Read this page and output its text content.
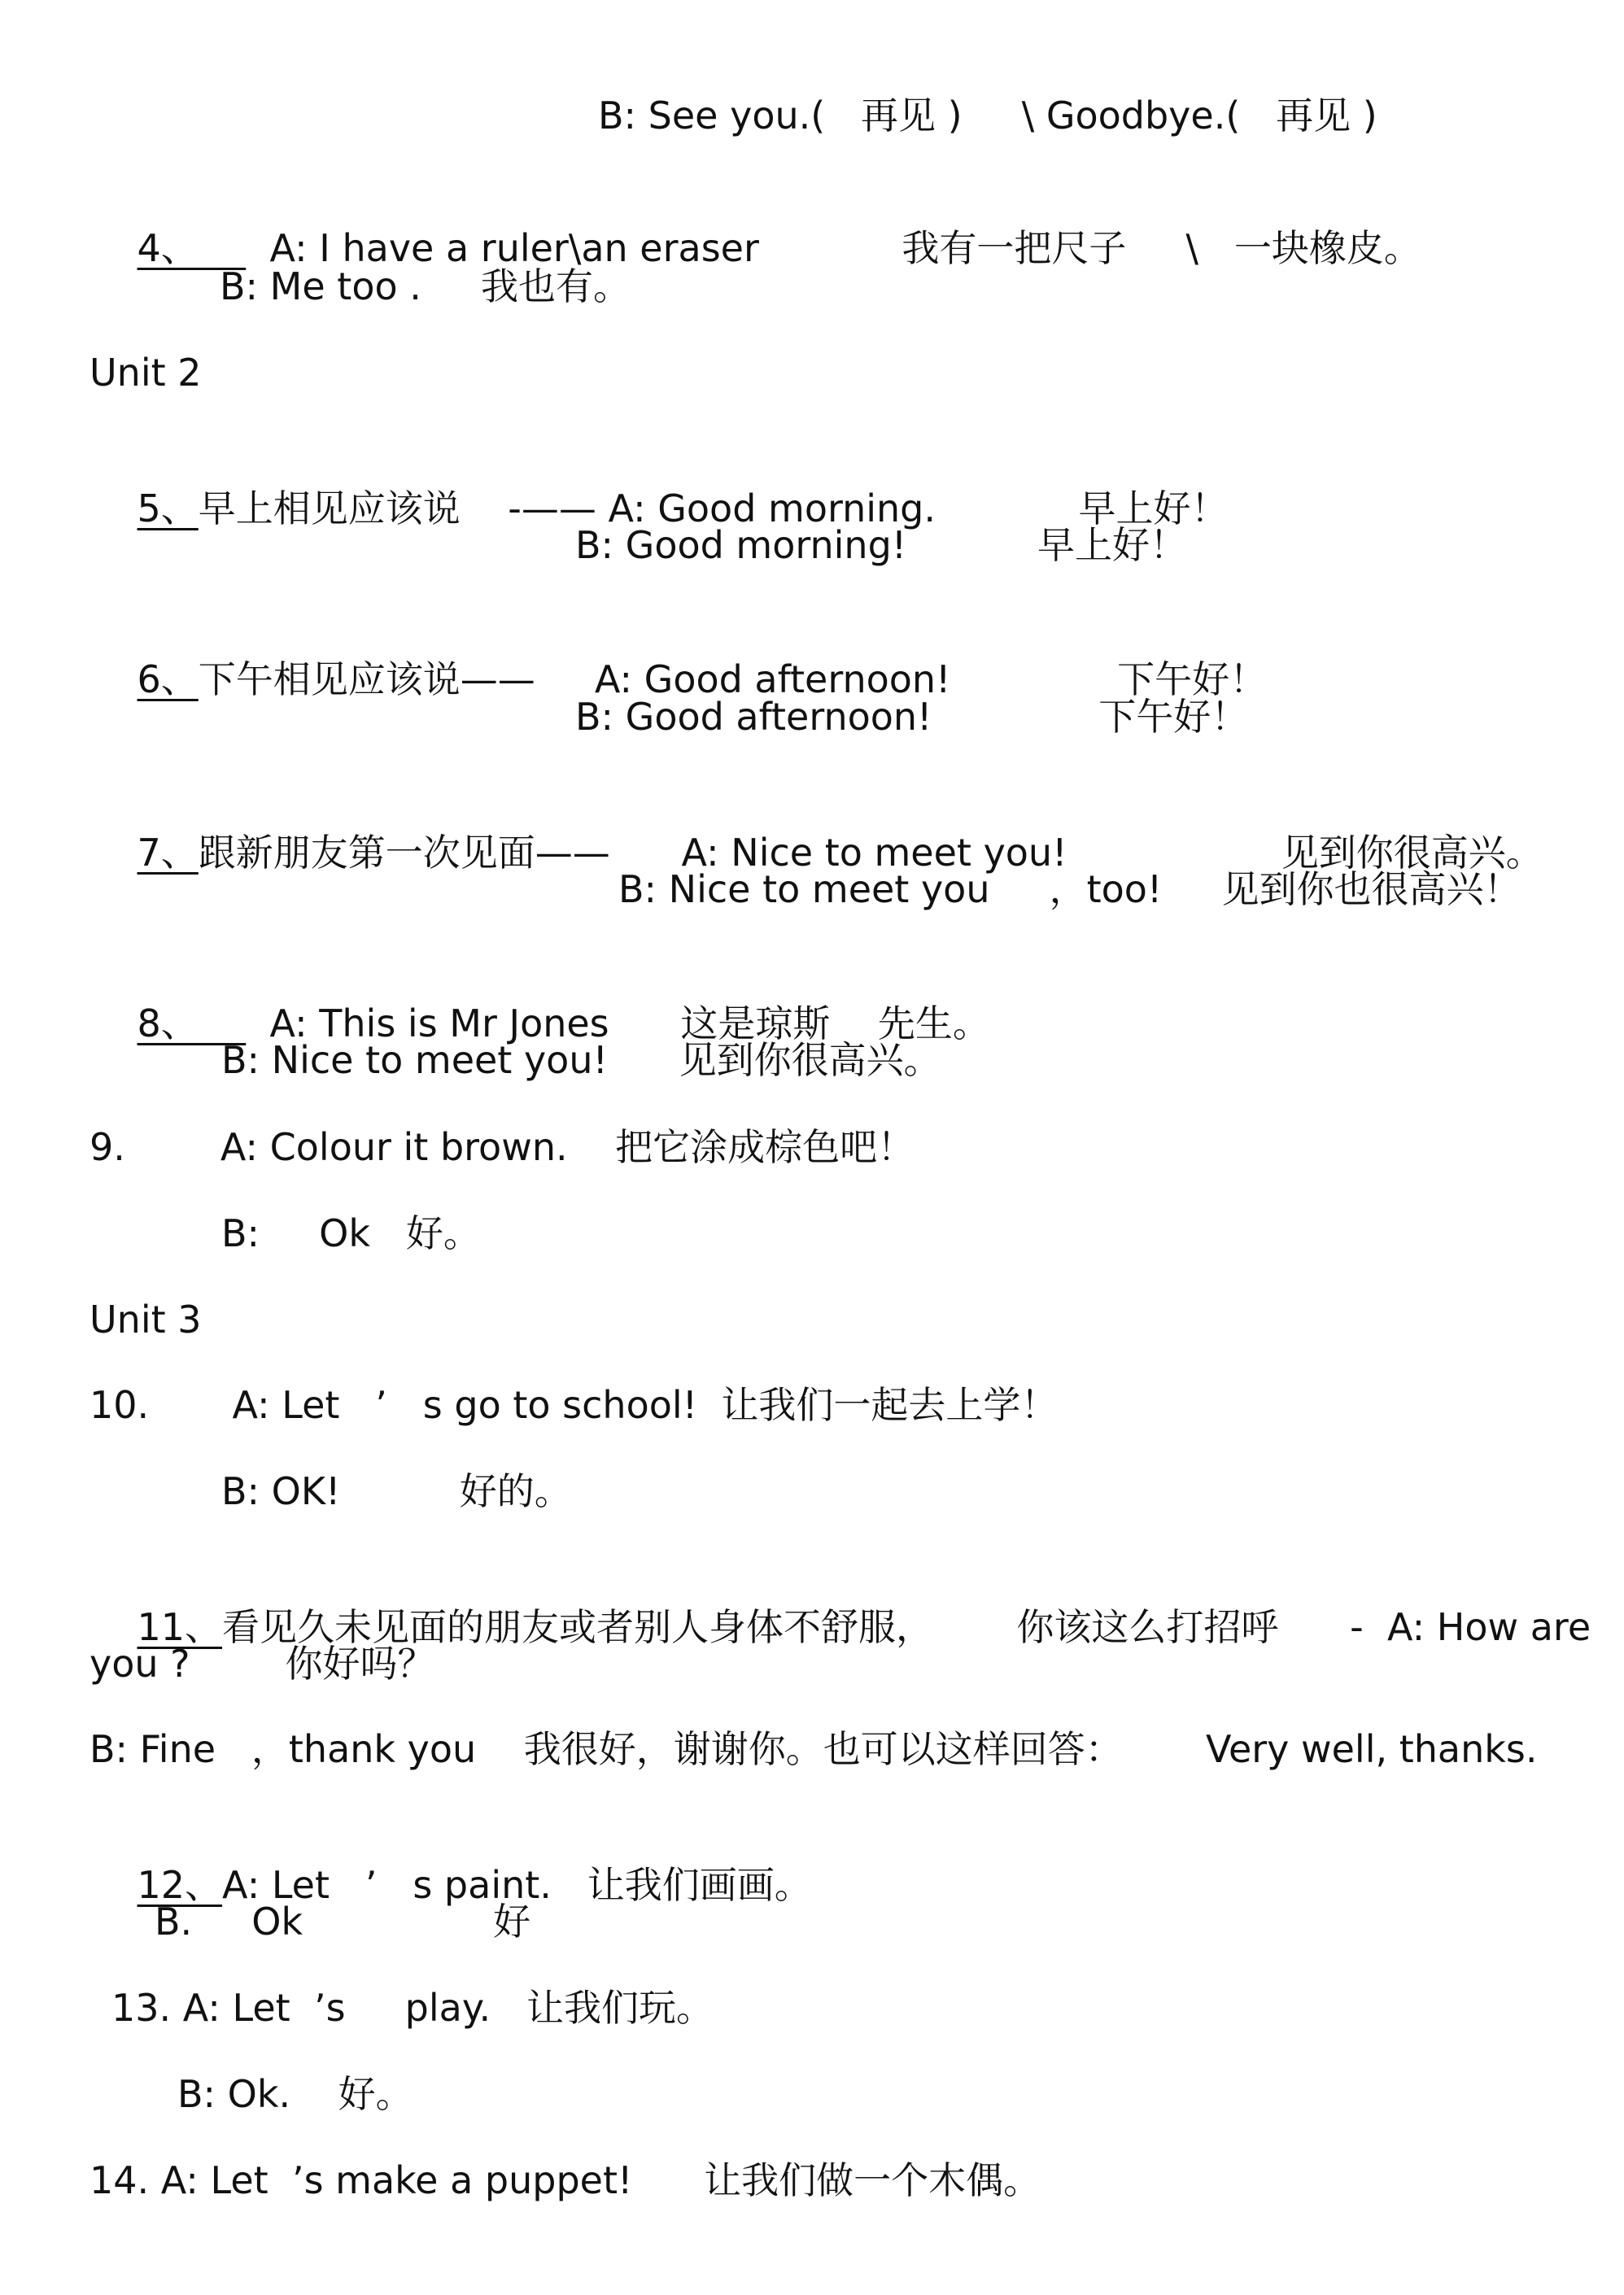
B: See you.(   再见 )     \ Goodbye.(   再见 )

4、      A: I have a ruler\an eraser            我有一把尺子     \   一块橡皮。

B: Me too .     我也有。
Unit 2

5、早上相见应该说    -—— A: Good morning.            早上好！

B: Good morning!           早上好！

6、下午相见应该说——     A: Good afternoon!              下午好！

B: Good afternoon!              下午好！

7、跟新朋友第一次见面——      A: Nice to meet you!                  见到你很高兴。

B: Nice to meet you     ，too!     见到你也很高兴！

8、      A: This is Mr Jones      这是琼斯    先生。

B: Nice to meet you!      见到你很高兴。
9.        A: Colour it brown.    把它涂成棕色吧！
B:     Ok   好。
Unit 3
10.       A: Let   ’   s go to school!  让我们一起去上学！
B: OK!          好的。

11、看见久未见面的朋友或者别人身体不舒服，       你该这么打招呼      -  A: How are

you ?        你好吗？
B: Fine   ，thank you    我很好，谢谢你。也可以这样回答：       Very well, thanks.

12、A: Let   ’   s paint.   让我们画画。

B.     Ok                好
13. A: Let  ’s     play.   让我们玩。
B: Ok.    好。
14. A: Let  ’s make a puppet!      让我们做一个木偶。
